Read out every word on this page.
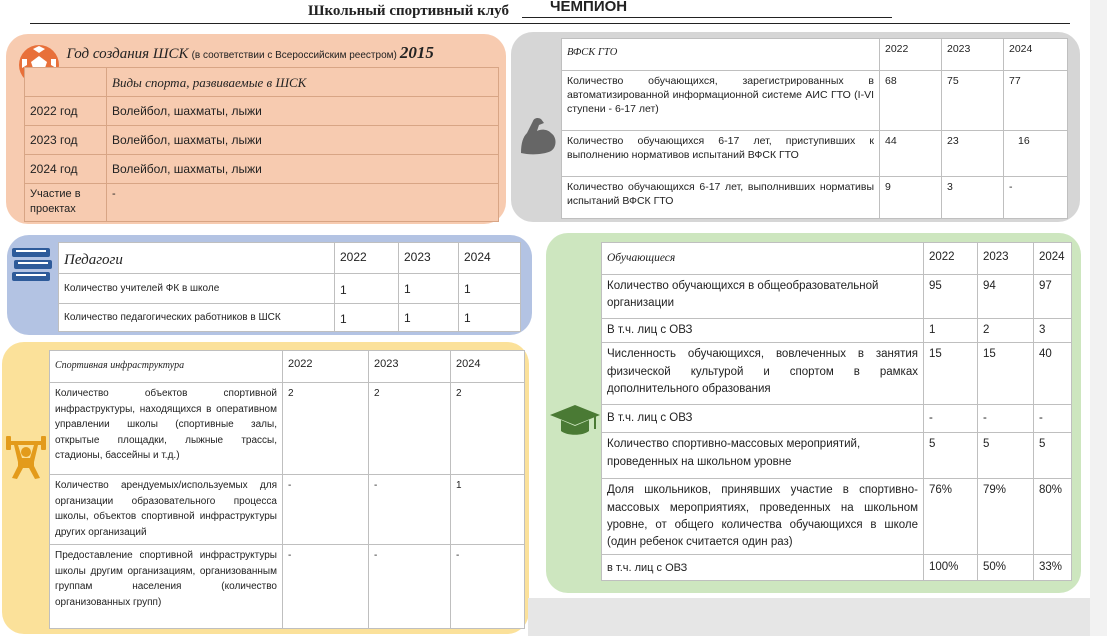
Школьный спортивный клуб	ЧЕМПИОН
Год создания ШСК (в соответствии с Всероссийским реестром) 2015	
	Виды спорта, развиваемые в ШСК
2022 год	Волейбол, шахматы, лыжи
2023 год	Волейбол, шахматы, лыжи
2024 год	Волейбол, шахматы, лыжи
Участие в проектах	-
ВФСК ГТО	2022	2023	2024
Количество обучающихся, зарегистрированных в автоматизированной информационной системе АИС ГТО (I-VI ступени - 6-17 лет)	68	75	77
Количество обучающихся 6-17 лет, приступивших к выполнению нормативов испытаний ВФСК ГТО	44	23	16
Количество обучающихся 6-17 лет, выполнивших нормативы испытаний ВФСК ГТО	9	3	-
Педагоги	2022	2023	2024
Количество учителей ФК в школе	1	1	1
Количество педагогических работников в ШСК	1	1	1
Спортивная инфраструктура	2022	2023	2024
Количество объектов спортивной инфраструктуры, находящихся в оперативном управлении школы (спортивные залы, открытые площадки, лыжные трассы, стадионы, бассейны и т.д.)	2	2	2
Количество арендуемых/используемых для организации образовательного процесса школы, объектов спортивной инфраструктуры других организаций	-	-	1
Предоставление спортивной инфраструктуры школы другим организациям, организованным группам населения (количество организованных групп)	-	-	-
Обучающиеся	2022	2023	2024
Количество обучающихся в общеобразовательной организации	95	94	97
В т.ч. лиц с ОВЗ	1	2	3
Численность обучающихся, вовлеченных в занятия физической культурой и спортом в рамках дополнительного образования	15	15	40
В т.ч. лиц с ОВЗ	-	-	-
Количество спортивно-массовых мероприятий, проведенных на школьном уровне	5	5	5
Доля школьников, принявших участие в спортивно-массовых мероприятиях, проведенных на школьном уровне, от общего количества обучающихся в школе (один ребенок считается один раз)	76%	79%	80%
в т.ч. лиц с ОВЗ	100%	50%	33%
